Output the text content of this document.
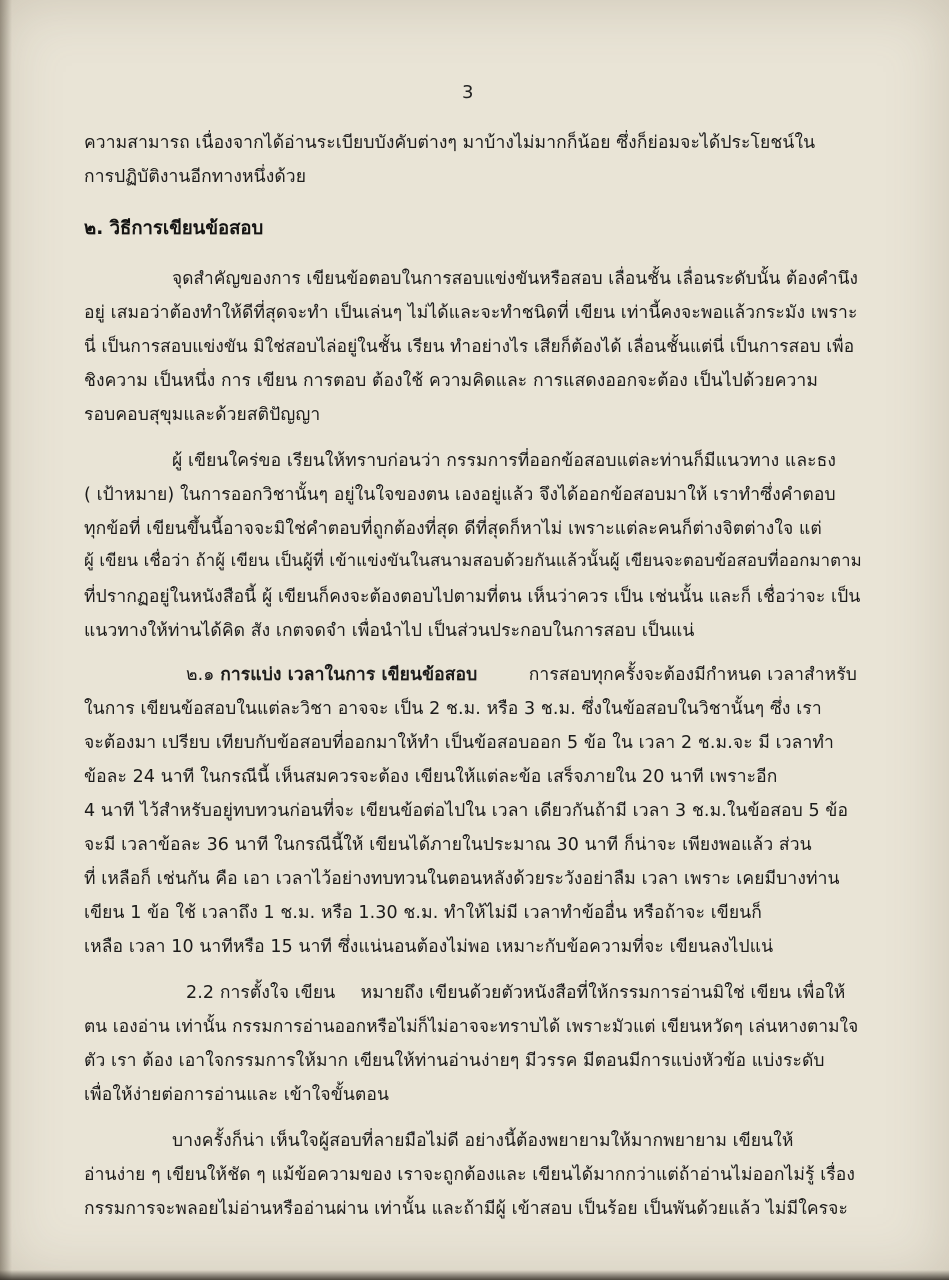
3
ความสามารถ เนื่องจากได้อ่านระเบียบบังคับต่างๆ มาบ้างไม่มากก็น้อย ซึ่งก็ย่อมจะได้ประโยชน์ใน
การปฏิบัติงานอีกทางหนึ่งด้วย
๒. วิธีการเขียนข้อสอบ
จุดสำคัญของการ เขียนข้อตอบในการสอบแข่งขันหรือสอบ เลื่อนชั้น เลื่อนระดับนั้น ต้องคำนึง
อยู่ เสมอว่าต้องทำให้ดีที่สุดจะทำ เป็นเล่นๆ ไม่ได้และจะทำชนิดที่ เขียน เท่านี้คงจะพอแล้วกระมัง เพราะ
นี่ เป็นการสอบแข่งขัน มิใช่สอบไล่อยู่ในชั้น เรียน ทำอย่างไร เสียก็ต้องได้ เลื่อนชั้นแต่นี่ เป็นการสอบ เพื่อ
ชิงความ เป็นหนึ่ง การ เขียน การตอบ ต้องใช้ ความคิดและ การแสดงออกจะต้อง เป็นไปด้วยความ
รอบคอบสุขุมและด้วยสติปัญญา
ผู้ เขียนใคร่ขอ เรียนให้ทราบก่อนว่า กรรมการที่ออกข้อสอบแต่ละท่านก็มีแนวทาง และธง
( เป้าหมาย) ในการออกวิชานั้นๆ อยู่ในใจของตน เองอยู่แล้ว จึงได้ออกข้อสอบมาให้ เราทำซึ่งคำตอบ
ทุกข้อที่ เขียนขึ้นนี้อาจจะมิใช่คำตอบที่ถูกต้องที่สุด ดีที่สุดก็หาไม่ เพราะแต่ละคนก็ต่างจิตต่างใจ แต่
ผู้ เขียน เชื่อว่า ถ้าผู้ เขียน เป็นผู้ที่ เข้าแข่งขันในสนามสอบด้วยกันแล้วนั้นผู้ เขียนจะตอบข้อสอบที่ออกมาตาม
ที่ปรากฏอยู่ในหนังสือนี้ ผู้ เขียนก็คงจะต้องตอบไปตามที่ตน เห็นว่าควร เป็น เช่นนั้น และก็ เชื่อว่าจะ เป็น
แนวทางให้ท่านได้คิด สัง เกตจดจำ เพื่อนำไป เป็นส่วนประกอบในการสอบ เป็นแน่
๒.๑ การแบ่ง เวลาในการ เขียนข้อสอบ	การสอบทุกครั้งจะต้องมีกำหนด เวลาสำหรับ
ในการ เขียนข้อสอบในแต่ละวิชา อาจจะ เป็น 2 ช.ม. หรือ 3 ช.ม. ซึ่งในข้อสอบในวิชานั้นๆ ซึ่ง เรา
จะต้องมา เปรียบ เทียบกับข้อสอบที่ออกมาให้ทำ เป็นข้อสอบออก 5 ข้อ ใน เวลา 2 ช.ม.จะ มี เวลาทำ
ข้อละ 24 นาที ในกรณีนี้ เห็นสมควรจะต้อง เขียนให้แต่ละข้อ เสร็จภายใน 20 นาที เพราะอีก
4 นาที ไว้สำหรับอยู่ทบทวนก่อนที่จะ เขียนข้อต่อไปใน เวลา เดียวกันถ้ามี เวลา 3 ช.ม.ในข้อสอบ 5 ข้อ
จะมี เวลาข้อละ 36 นาที ในกรณีนี้ให้ เขียนได้ภายในประมาณ 30 นาที ก็น่าจะ เพียงพอแล้ว ส่วน
ที่ เหลือก็ เช่นกัน คือ เอา เวลาไว้อย่างทบทวนในตอนหลังด้วยระวังอย่าลืม เวลา เพราะ เคยมีบางท่าน
เขียน 1 ข้อ ใช้ เวลาถึง 1 ช.ม. หรือ 1.30 ช.ม. ทำให้ไม่มี เวลาทำข้ออื่น หรือถ้าจะ เขียนก็
เหลือ เวลา 10 นาทีหรือ 15 นาที ซึ่งแน่นอนต้องไม่พอ เหมาะกับข้อความที่จะ เขียนลงไปแน่
2.2 การตั้งใจ เขียน หมายถึง เขียนด้วยตัวหนังสือที่ให้กรรมการอ่านมิใช่ เขียน เพื่อให้
ตน เองอ่าน เท่านั้น กรรมการอ่านออกหรือไม่ก็ไม่อาจจะทราบได้ เพราะมัวแต่ เขียนหวัดๆ เล่นหางตามใจ
ตัว เรา ต้อง เอาใจกรรมการให้มาก เขียนให้ท่านอ่านง่ายๆ มีวรรค มีตอนมีการแบ่งหัวข้อ แบ่งระดับ
เพื่อให้ง่ายต่อการอ่านและ เข้าใจขั้นตอน
บางครั้งก็น่า เห็นใจผู้สอบที่ลายมือไม่ดี อย่างนี้ต้องพยายามให้มากพยายาม เขียนให้
อ่านง่าย ๆ เขียนให้ชัด ๆ แม้ข้อความของ เราจะถูกต้องและ เขียนได้มากกว่าแต่ถ้าอ่านไม่ออกไม่รู้ เรื่อง
กรรมการจะพลอยไม่อ่านหรืออ่านผ่าน เท่านั้น และถ้ามีผู้ เข้าสอบ เป็นร้อย เป็นพันด้วยแล้ว ไม่มีใครจะ
